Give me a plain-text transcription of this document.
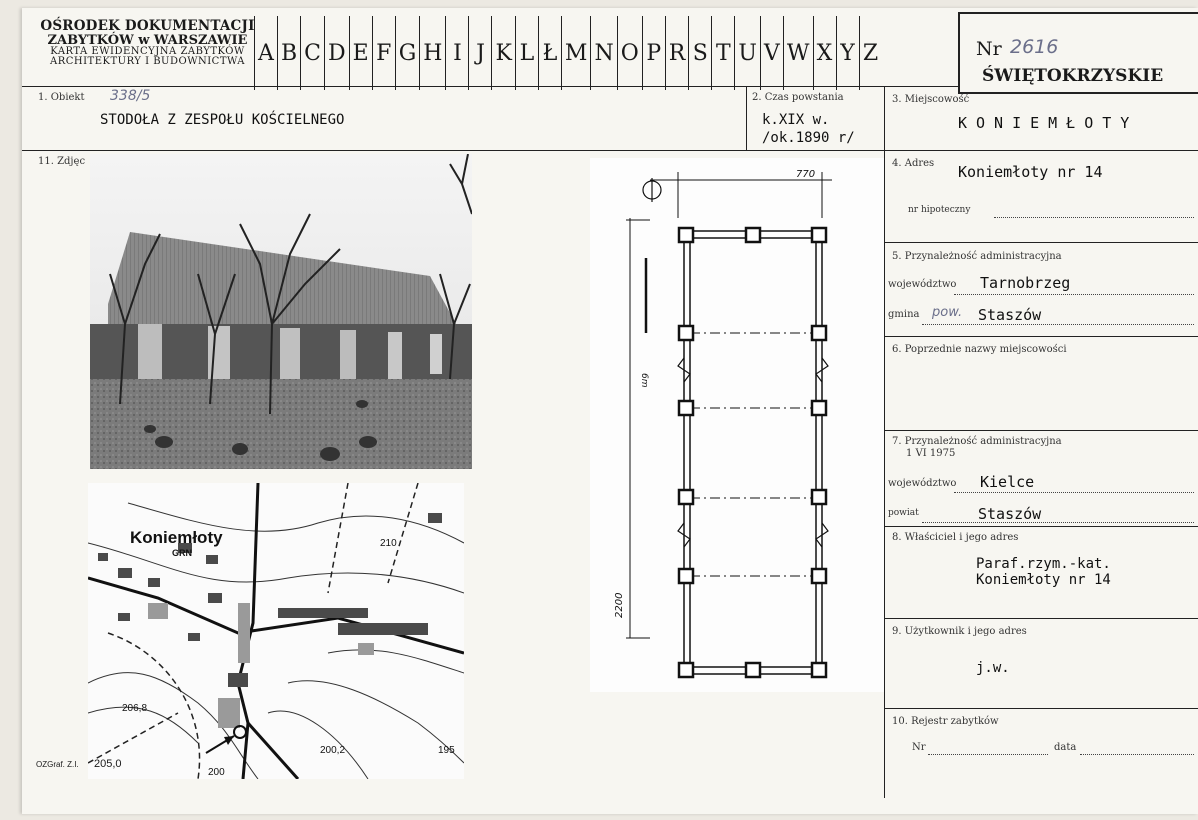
OŚRODEK DOKUMENTACJI
ZABYTKÓW w WARSZAWIE
KARTA EWIDENCYJNA ZABYTKÓW
ARCHITEKTURY I BUDOWNICTWA A B C D E F G H I J K L Ł M N O P R S T U V W X Y Z	Nr 2616
ŚWIĘTOKRZYSKIE
1. Obiekt 338/5
STODOŁA Z ZESPOŁU KOŚCIELNEGO
2. Czas powstania
k.XIX w.
/ok.1890 r/
3. Miejscowość
KONIEMŁOTY
11. Zdjęc
Koniemłoty
GRN
210
206,8
200,2	195
200
OZGraf. Z.I. 205,0
770
6m
2200
4. Adres Koniemłoty nr 14
nr hipoteczny
5. Przynależność administracyjna
województwo Tarnobrzeg
gmina pow. Staszów
6. Poprzednie nazwy miejscowości
7. Przynależność administracyjna
1 VI 1975
województwo Kielce
powiat	Staszów
8. Właściciel i jego adres
Paraf.rzym.-kat.
Koniemłoty nr 14
9. Użytkownik i jego adres
j.w.
10. Rejestr zabytków
Nr	data
